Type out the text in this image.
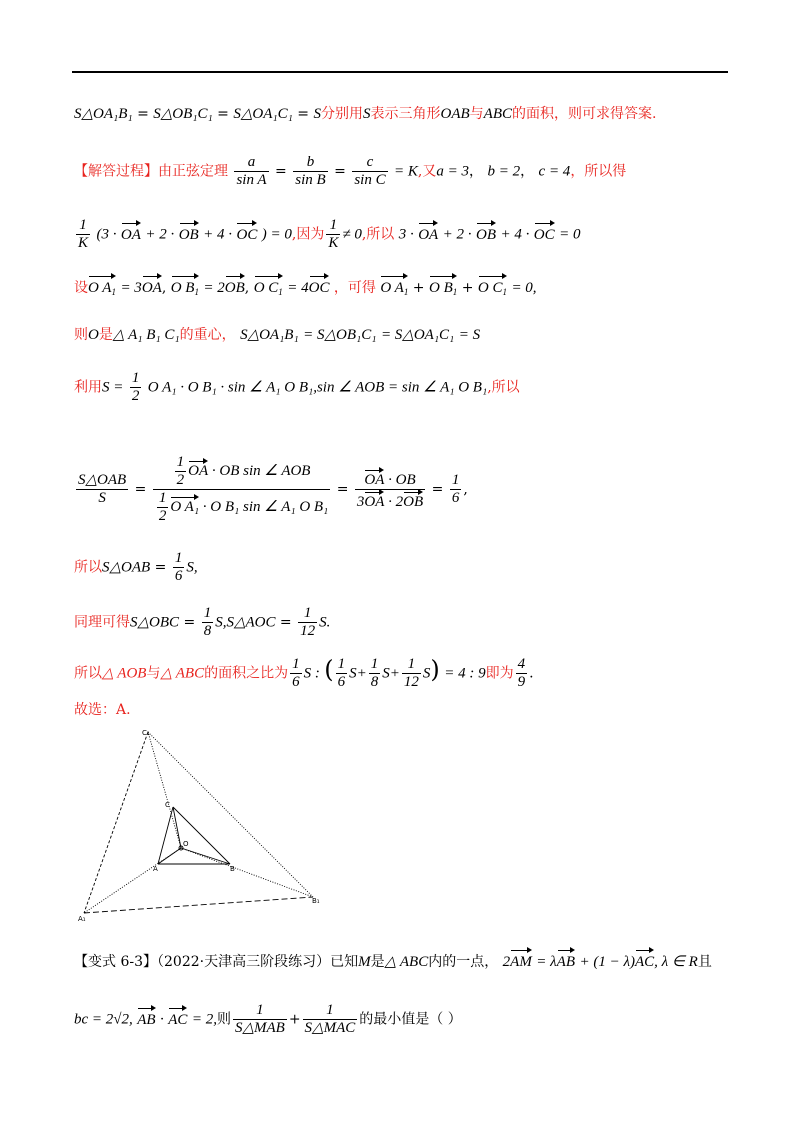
S△OA₁B₁ = S△OB₁C₁ = S△OA₁C₁ = S分别用S表示三角形OAB与ABC的面积，则可求得答案.
【解答过程】由正弦定理 $\frac{a}{\text{sin A}} = \frac{b}{\text{sin B}} = \frac{c}{\text{sin C}} = K$,又a = 3， b = 2， c = 4，所以得
$\frac{1}{K} (3$ · OA + 2 · OB + 4 · OC ) = 0,因为 $\frac{1}{K} \ne 0$,所以 3 · OA + 2 · OB + 4 · OC = 0
设O $A_1 = 3OA$, O $B_1 = 2OB$, O $C_1 = 4OC$ ，可得 O $A_1 + O$ $B_1 + O$ $C_1 = 0$,
则O是△ A₁ B₁ C₁的重心， S△OA₁B₁ = S△OB₁C₁ = S△OA₁C₁ = S
利用$S = \frac{1}{2}$ O A₁ · O B₁ · sin ∠ A₁ O B₁,sin ∠ AOB = sin ∠ A₁ O B₁,所以
$\frac{\text{S△OAB}}{S} = \frac{\frac{1}{2} OA \cdot OB \sin \angle AOB}{\frac{1}{2} O A_1 \cdot O B_1 \sin \angle A_1 O B_1} = \frac{OA \cdot OB}{3OA \cdot 2OB} = \frac{1}{6}$ ,
所以S△OAB = $\frac{1}{6} S$,
同理可得S△OBC = $\frac{1}{8}$ S,S△AOC = $\frac{1}{12} S$.
所以△ AOB与△ ABC的面积之比为 $\frac{1}{6}$ S : ( $\frac{1}{6} S+ \frac{1}{8} S+ \frac{1}{12} S) = 4$ : 9即为 $\frac{4}{9}$ .
故选：A.
C₁
C
O
A	B
A₁
B₁
【变式 6-3】（2022·天津高三阶段练习）已知M是△ ABC内的一点， 2AM = λAB + (1 − λ)AC, λ ∈ R且
bc = 2√2, AB · AC = 2,则 $\frac{1}{\text{S△MAB}} + \frac{1}{\text{S△MAC}}$ 的最小值是（ ）
